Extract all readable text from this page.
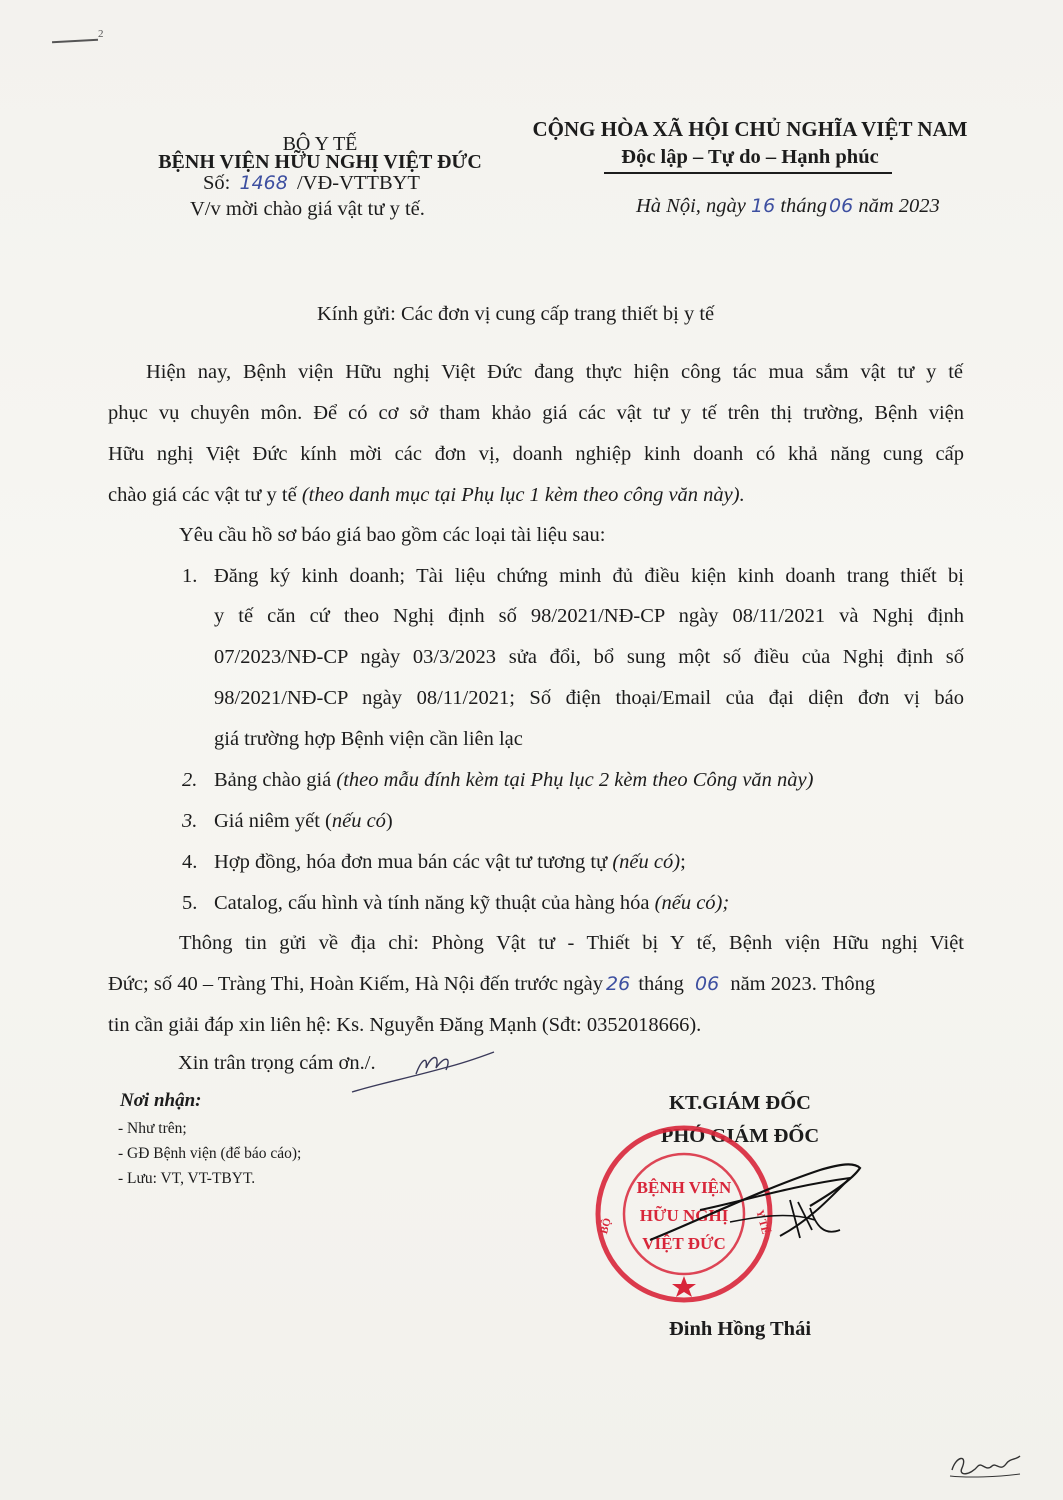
2
BỘ Y TẾ
BỆNH VIỆN HỮU NGHỊ VIỆT ĐỨC
Số: 1468 /VĐ-VTTBYT
V/v mời chào giá vật tư y tế.
CỘNG HÒA XÃ HỘI CHỦ NGHĨA VIỆT NAM
Độc lập – Tự do – Hạnh phúc
Hà Nội, ngày 16 tháng 06 năm 2023
Kính gửi: Các đơn vị cung cấp trang thiết bị y tế
Hiện nay, Bệnh viện Hữu nghị Việt Đức đang thực hiện công tác mua sắm vật tư y tế
phục vụ chuyên môn. Để có cơ sở tham khảo giá các vật tư y tế trên thị trường, Bệnh viện
Hữu nghị Việt Đức kính mời các đơn vị, doanh nghiệp kinh doanh có khả năng cung cấp
chào giá các vật tư y tế (theo danh mục tại Phụ lục 1 kèm theo công văn này).
Yêu cầu hồ sơ báo giá bao gồm các loại tài liệu sau:
1. Đăng ký kinh doanh; Tài liệu chứng minh đủ điều kiện kinh doanh trang thiết bị
y tế căn cứ theo Nghị định số 98/2021/NĐ-CP ngày 08/11/2021 và Nghị định
07/2023/NĐ-CP ngày 03/3/2023 sửa đổi, bổ sung một số điều của Nghị định số
98/2021/NĐ-CP ngày 08/11/2021; Số điện thoại/Email của đại diện đơn vị báo
giá trường hợp Bệnh viện cần liên lạc
2. Bảng chào giá (theo mẫu đính kèm tại Phụ lục 2 kèm theo Công văn này)
3. Giá niêm yết (nếu có)
4. Hợp đồng, hóa đơn mua bán các vật tư tương tự (nếu có);
5. Catalog, cấu hình và tính năng kỹ thuật của hàng hóa (nếu có);
Thông tin gửi về địa chỉ: Phòng Vật tư - Thiết bị Y tế, Bệnh viện Hữu nghị Việt
Đức; số 40 – Tràng Thi, Hoàn Kiếm, Hà Nội đến trước ngày 26 tháng 06 năm 2023. Thông
tin cần giải đáp xin liên hệ: Ks. Nguyễn Đăng Mạnh (Sđt: 0352018666).
Xin trân trọng cám ơn./.
Nơi nhận:
- Như trên;
- GĐ Bệnh viện (để báo cáo);
- Lưu: VT, VT-TBYT.
KT.GIÁM ĐỐC
PHÓ GIÁM ĐỐC
BỆNH VIỆN
HỮU NGHỊ
VIỆT ĐỨC
BỘ	Y TẾ
Đinh Hồng Thái
